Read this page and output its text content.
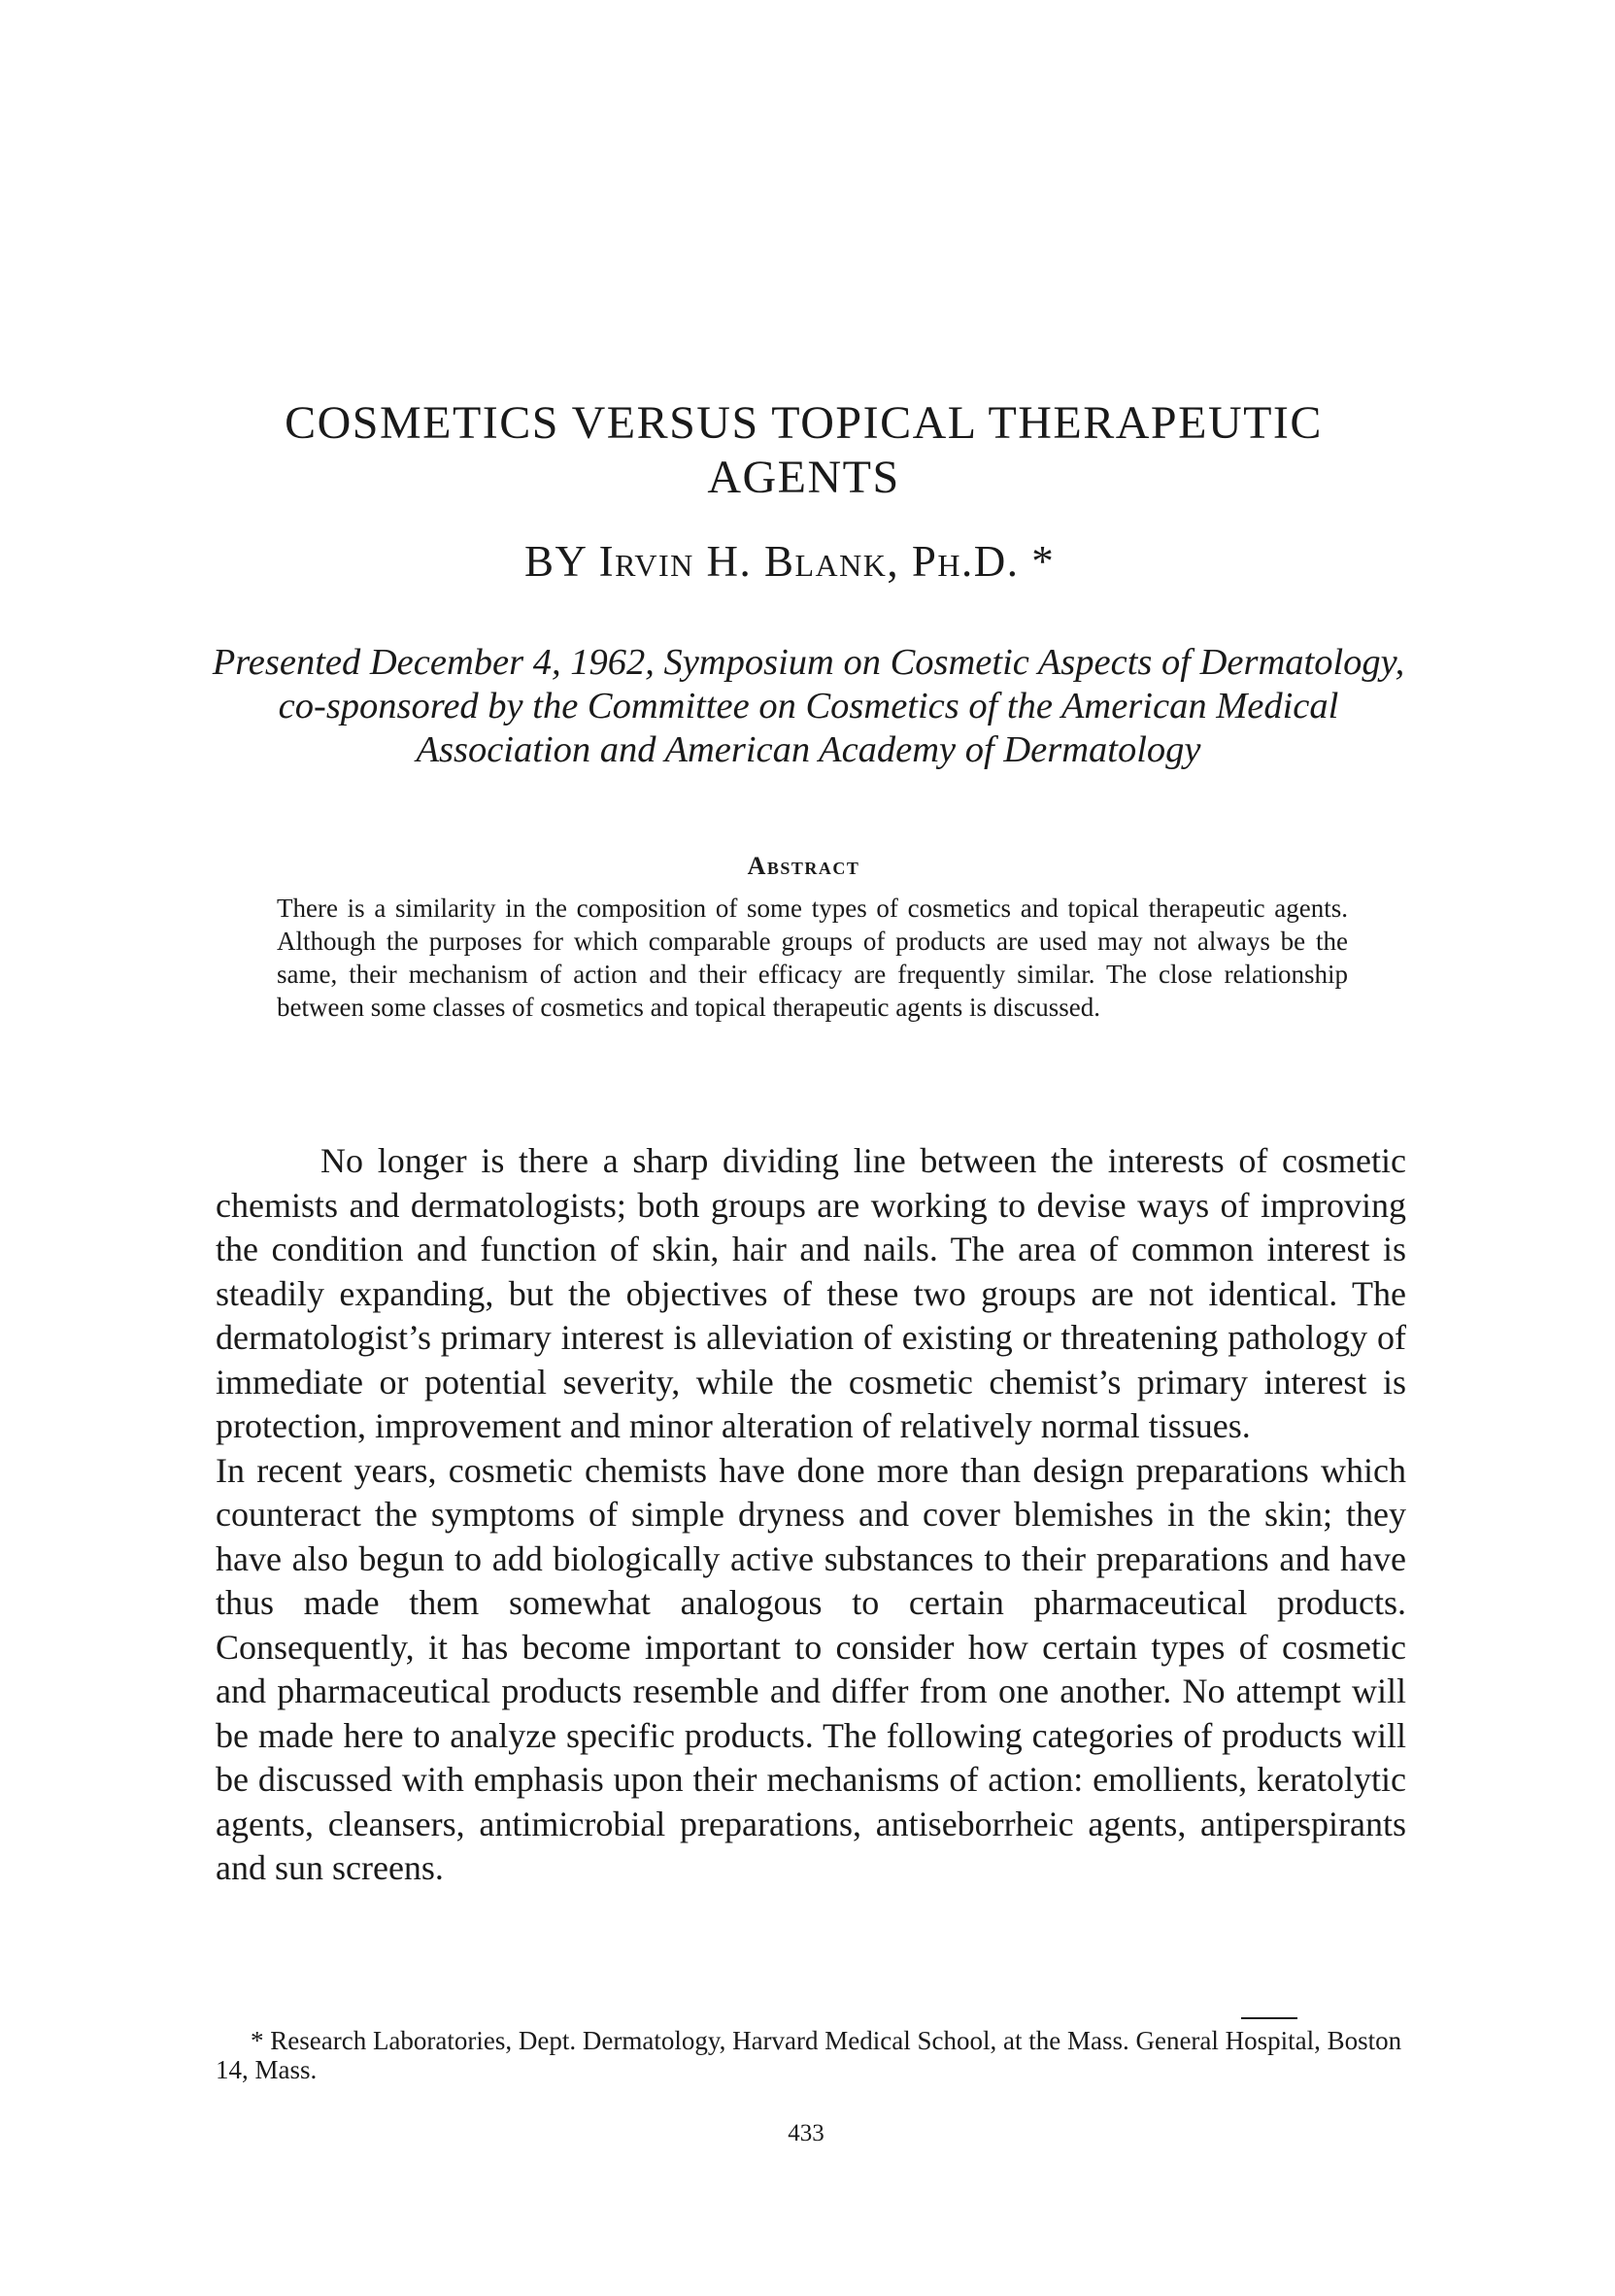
COSMETICS VERSUS TOPICAL THERAPEUTIC
AGENTS
BY Irvin H. Blank, Ph.D. *

Presented December 4, 1962, Symposium on Cosmetic Aspects of Dermatology,
co-sponsored by the Committee on Cosmetics of the American Medical
Association and American Academy of Dermatology

Abstract

There is a similarity in the composition of some types of cosmetics and topical therapeutic agents. Although the purposes for which comparable groups of products are used may not always be the same, their mechanism of action and their efficacy are frequently similar. The close relationship between some classes of cosmetics and topical therapeutic agents is discussed.

No longer is there a sharp dividing line between the interests of cosmetic chemists and dermatologists; both groups are working to devise ways of improving the condition and function of skin, hair and nails. The area of common interest is steadily expanding, but the objectives of these two groups are not identical. The dermatologist’s primary interest is alleviation of existing or threatening pathology of immediate or potential severity, while the cosmetic chemist’s primary interest is protection, improvement and minor alteration of relatively normal tissues.

In recent years, cosmetic chemists have done more than design preparations which counteract the symptoms of simple dryness and cover blemishes in the skin; they have also begun to add biologically active substances to their preparations and have thus made them somewhat analogous to certain pharmaceutical products. Consequently, it has become important to consider how certain types of cosmetic and pharmaceutical products resemble and differ from one another. No attempt will be made here to analyze specific products. The following categories of products will be discussed with emphasis upon their mechanisms of action: emollients, keratolytic agents, cleansers, antimicrobial preparations, antiseborrheic agents, antiperspirants and sun screens.

* Research Laboratories, Dept. Dermatology, Harvard Medical School, at the Mass. General Hospital, Boston 14, Mass.

433
